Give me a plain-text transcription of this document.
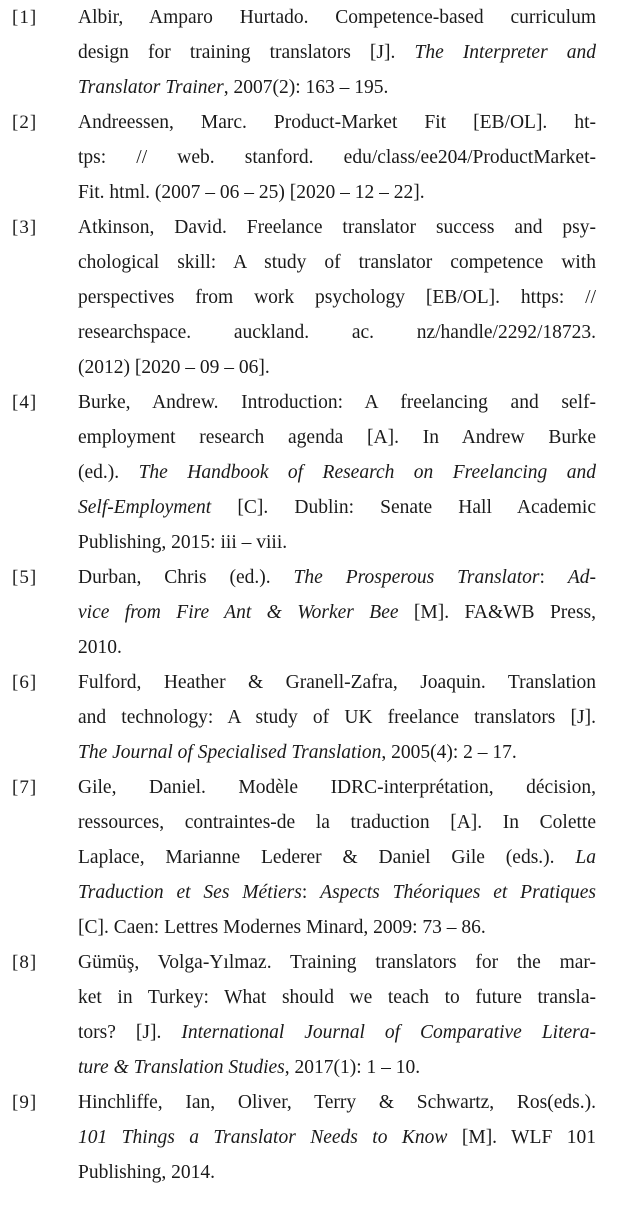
[1] Albir, Amparo Hurtado. Competence-based curriculum
design for training translators [J]. The Interpreter and
Translator Trainer, 2007(2): 163 – 195.
[2] Andreessen, Marc. Product-Market Fit [EB/OL]. ht-
tps: // web. stanford. edu/class/ee204/ProductMarket-
Fit. html. (2007 – 06 – 25) [2020 – 12 – 22].
[3] Atkinson, David. Freelance translator success and psy-
chological skill: A study of translator competence with
perspectives from work psychology [EB/OL]. https: //
researchspace. auckland. ac. nz/handle/2292/18723.
(2012) [2020 – 09 – 06].
[4] Burke, Andrew. Introduction: A freelancing and self-
employment research agenda [A]. In Andrew Burke
(ed.). The Handbook of Research on Freelancing and
Self-Employment [C]. Dublin: Senate Hall Academic
Publishing, 2015: iii – viii.
[5] Durban, Chris (ed.). The Prosperous Translator: Ad-
vice from Fire Ant & Worker Bee [M]. FA&WB Press,
2010.
[6] Fulford, Heather & Granell-Zafra, Joaquin. Translation
and technology: A study of UK freelance translators [J].
The Journal of Specialised Translation, 2005(4): 2 – 17.
[7] Gile, Daniel. Modèle IDRC-interprétation, décision,
ressources, contraintes-de la traduction [A]. In Colette
Laplace, Marianne Lederer & Daniel Gile (eds.). La
Traduction et Ses Métiers: Aspects Théoriques et Pratiques
[C]. Caen: Lettres Modernes Minard, 2009: 73 – 86.
[8] Gümüş, Volga-Yılmaz. Training translators for the mar-
ket in Turkey: What should we teach to future transla-
tors? [J]. International Journal of Comparative Litera-
ture & Translation Studies, 2017(1): 1 – 10.
[9] Hinchliffe, Ian, Oliver, Terry & Schwartz, Ros(eds.).
101 Things a Translator Needs to Know [M]. WLF 101
Publishing, 2014.
